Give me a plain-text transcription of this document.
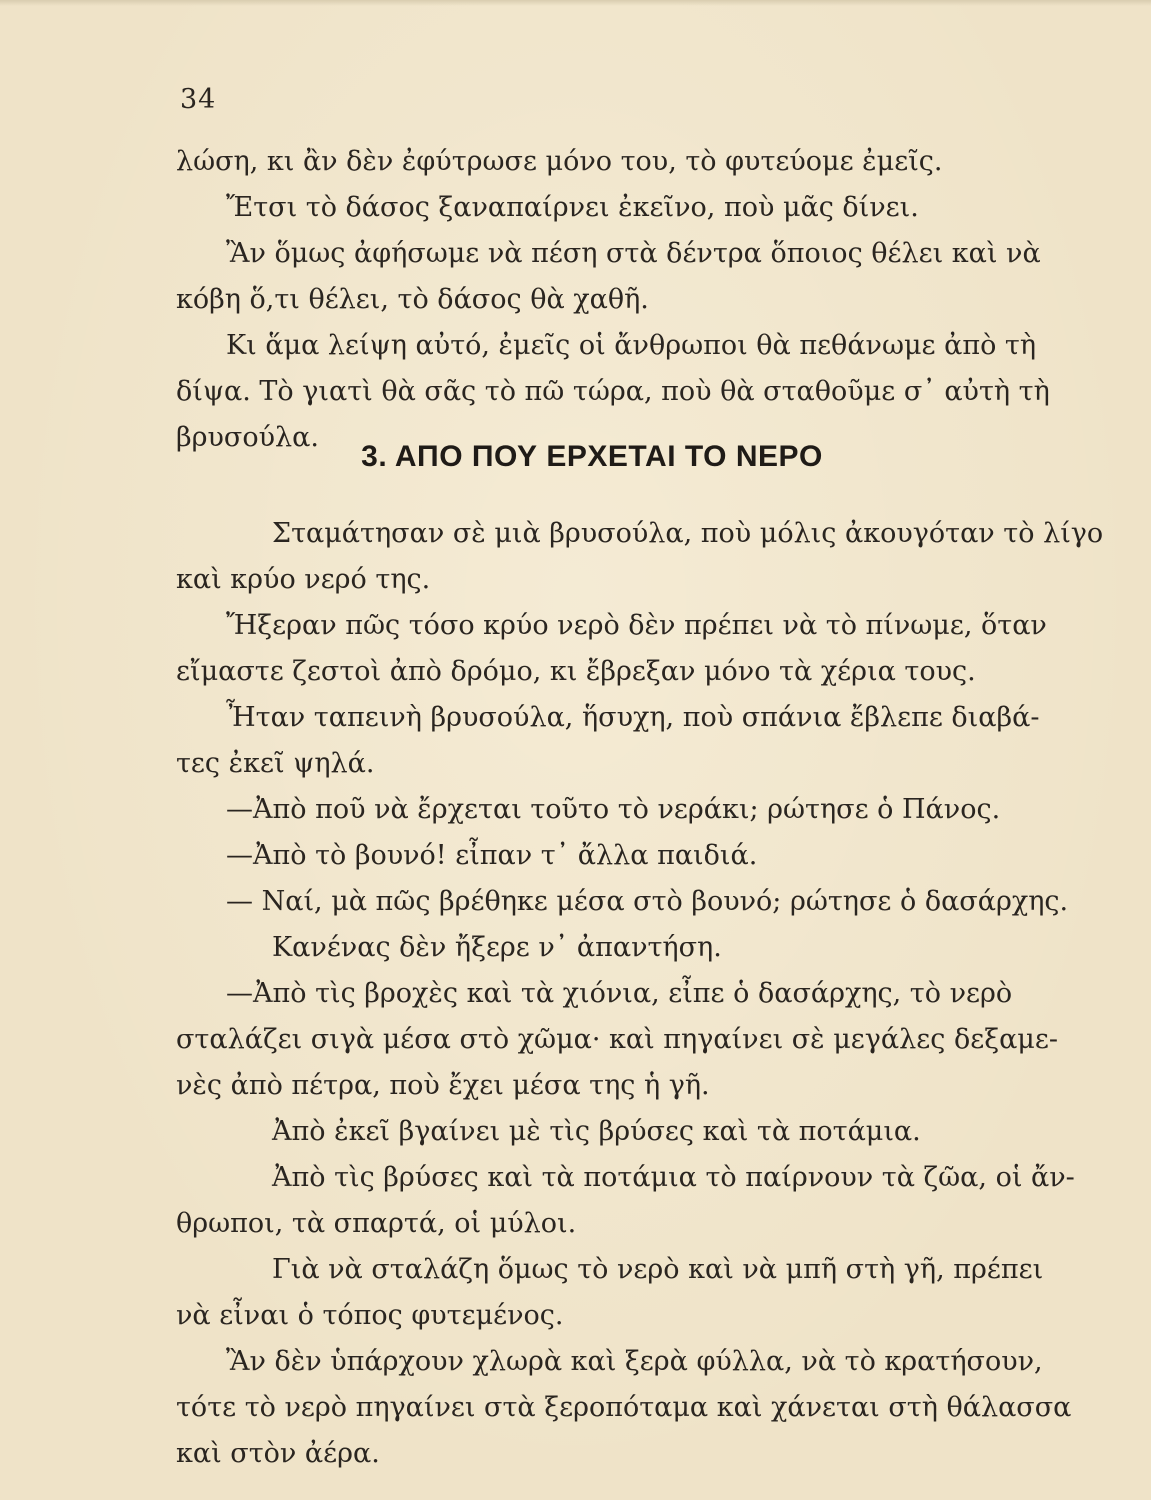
34
λώση, κι ἂν δὲν ἐφύτρωσε μόνο του, τὸ φυτεύομε ἐμεῖς.
Ἔτσι τὸ δάσος ξαναπαίρνει ἐκεῖνο, ποὺ μᾶς δίνει.
Ἂν ὅμως ἀφήσωμε νὰ πέση στὰ δέντρα ὅποιος θέλει καὶ νὰ
κόβη ὅ,τι θέλει, τὸ δάσος θὰ χαθῆ.
Κι ἅμα λείψη αὐτό, ἐμεῖς οἱ ἄνθρωποι θὰ πεθάνωμε ἀπὸ τὴ
δίψα. Τὸ γιατὶ θὰ σᾶς τὸ πῶ τώρα, ποὺ θὰ σταθοῦμε σ᾿ αὐτὴ τὴ
βρυσούλα.
3. ΑΠΟ ΠΟΥ ΕΡΧΕΤΑΙ ΤΟ ΝΕΡΟ
Σταμάτησαν σὲ μιὰ βρυσούλα, ποὺ μόλις ἀκουγόταν τὸ λίγο
καὶ κρύο νερό της.
Ἤξεραν πῶς τόσο κρύο νερὸ δὲν πρέπει νὰ τὸ πίνωμε, ὅταν
εἴμαστε ζεστοὶ ἀπὸ δρόμο, κι ἔβρεξαν μόνο τὰ χέρια τους.
Ἦταν ταπεινὴ βρυσούλα, ἥσυχη, ποὺ σπάνια ἔβλεπε διαβά-
τες ἐκεῖ ψηλά.
—Ἀπὸ ποῦ νὰ ἔρχεται τοῦτο τὸ νεράκι; ρώτησε ὁ Πάνος.
—Ἀπὸ τὸ βουνό! εἶπαν τ᾿ ἄλλα παιδιά.
— Ναί, μὰ πῶς βρέθηκε μέσα στὸ βουνό; ρώτησε ὁ δασάρχης.
Κανένας δὲν ἤξερε ν᾿ ἀπαντήση.
—Ἀπὸ τὶς βροχὲς καὶ τὰ χιόνια, εἶπε ὁ δασάρχης, τὸ νερὸ
σταλάζει σιγὰ μέσα στὸ χῶμα· καὶ πηγαίνει σὲ μεγάλες δεξαμε-
νὲς ἀπὸ πέτρα, ποὺ ἔχει μέσα της ἡ γῆ.
Ἀπὸ ἐκεῖ βγαίνει μὲ τὶς βρύσες καὶ τὰ ποτάμια.
Ἀπὸ τὶς βρύσες καὶ τὰ ποτάμια τὸ παίρνουν τὰ ζῶα, οἱ ἄν-
θρωποι, τὰ σπαρτά, οἱ μύλοι.
Γιὰ νὰ σταλάζη ὅμως τὸ νερὸ καὶ νὰ μπῆ στὴ γῆ, πρέπει
νὰ εἶναι ὁ τόπος φυτεμένος.
Ἂν δὲν ὑπάρχουν χλωρὰ καὶ ξερὰ φύλλα, νὰ τὸ κρατήσουν,
τότε τὸ νερὸ πηγαίνει στὰ ξεροπόταμα καὶ χάνεται στὴ θάλασσα
καὶ στὸν ἀέρα.
